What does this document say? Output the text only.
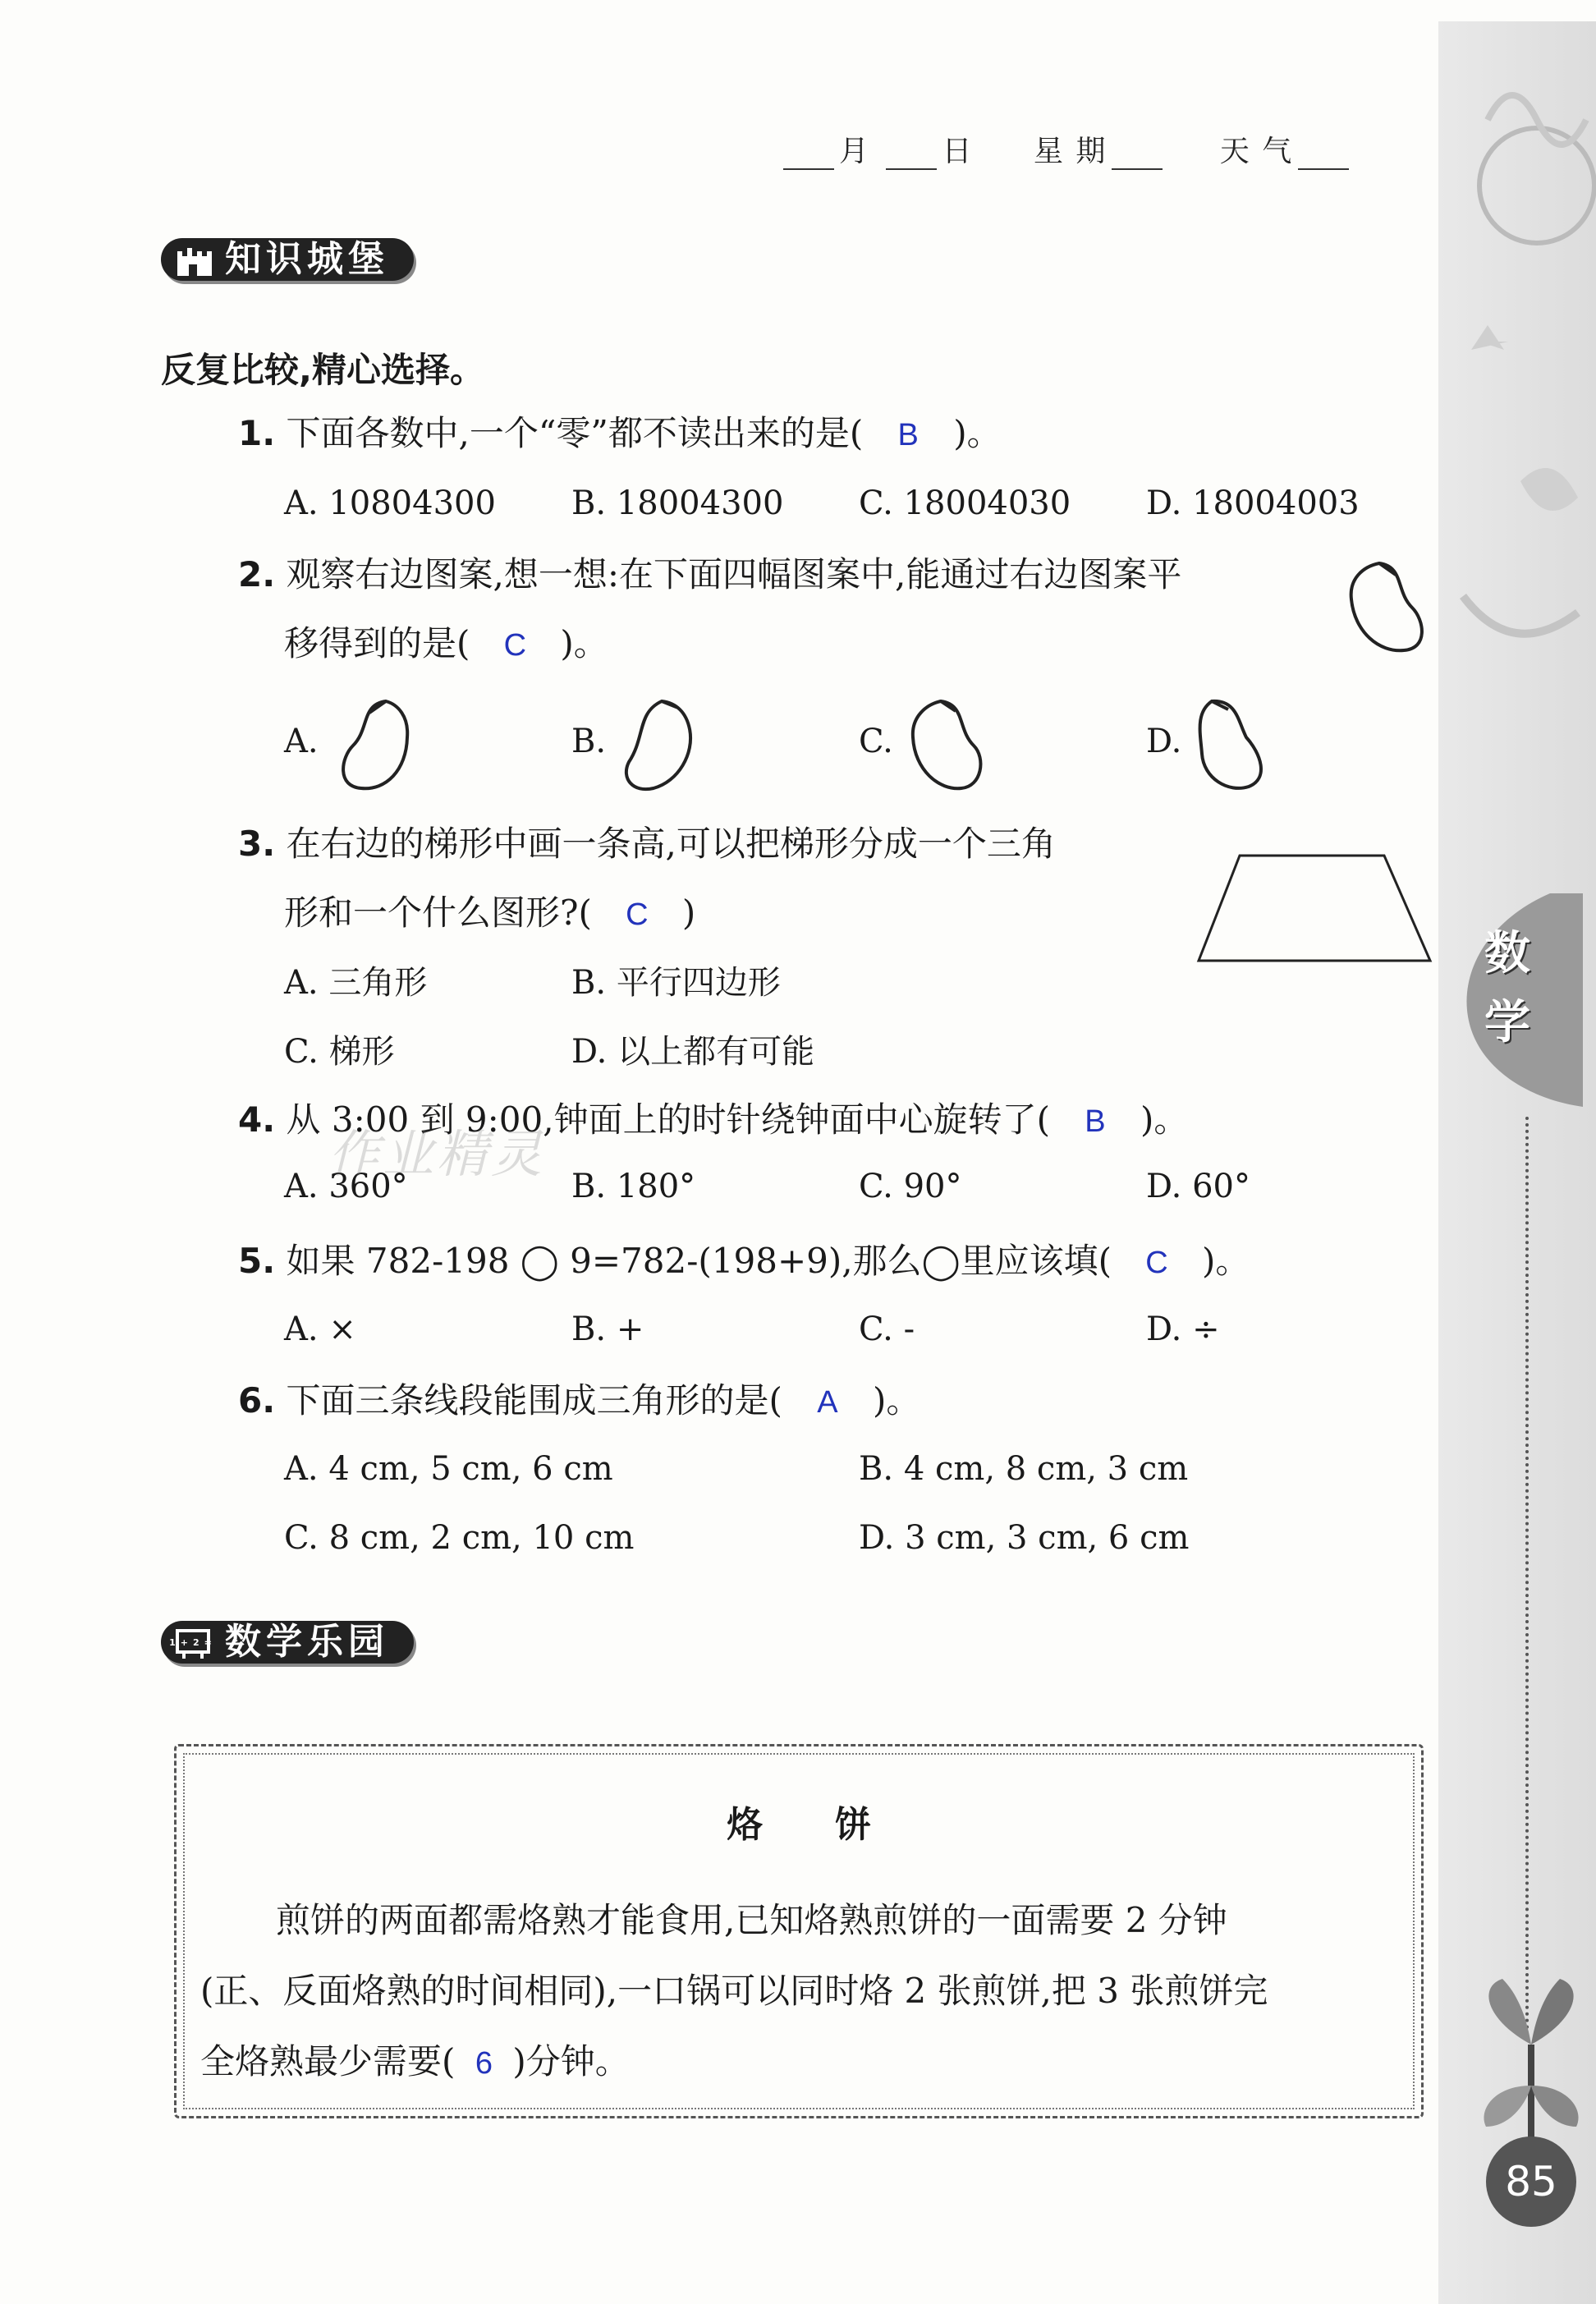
数
学
85
月 日 星 期	天 气
知识城堡
反复比较,精心选择。
1. 下面各数中,一个“零”都不读出来的是( B )。
A. 10804300 B. 18004300 C. 18004030 D. 18004003
2. 观察右边图案,想一想:在下面四幅图案中,能通过右边图案平
移得到的是( C )。
A.	B.	C.	D.
3. 在右边的梯形中画一条高,可以把梯形分成一个三角
形和一个什么图形?( C )
A. 三角形	B. 平行四边形
C. 梯形	D. 以上都有可能
4. 从 3:00 到 9:00,钟面上的时针绕钟面中心旋转了( B )。
A. 360°	B. 180°	C. 90°	D. 60°
作业精灵
5. 如果 782-198 ◯ 9=782-(198+9),那么◯里应该填( C )。
A. ×	B. +	C. -	D. ÷
6. 下面三条线段能围成三角形的是( A )。
A. 4 cm, 5 cm, 6 cm	B. 4 cm, 8 cm, 3 cm
C. 8 cm, 2 cm, 10 cm	D. 3 cm, 3 cm, 6 cm
1+2= 数学乐园
烙　　饼
煎饼的两面都需烙熟才能食用,已知烙熟煎饼的一面需要 2 分钟
(正、反面烙熟的时间相同),一口锅可以同时烙 2 张煎饼,把 3 张煎饼完
全烙熟最少需要( 6 )分钟。
